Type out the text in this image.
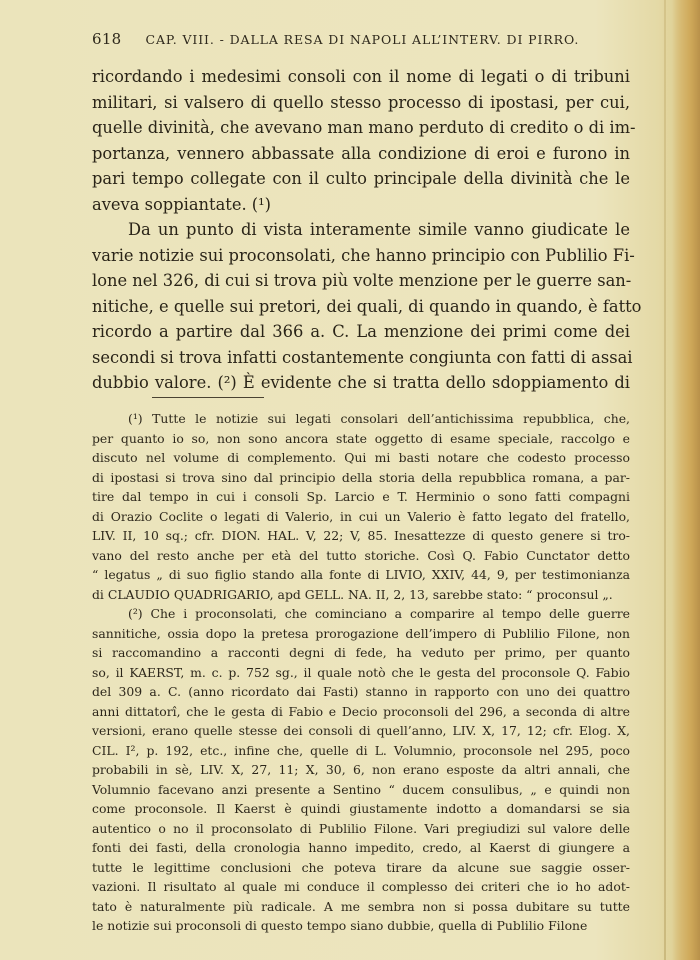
618 CAP. VIII. - DALLA RESA DI NAPOLI ALL’INTERV. DI PIRRO.
ricordando i medesimi consoli con il nome di legati o di tribuni
militari, si valsero di quello stesso processo di ipostasi, per cui,
quelle divinità, che avevano man mano perduto di credito o di im-
portanza, vennero abbassate alla condizione di eroi e furono in
pari tempo collegate con il culto principale della divinità che le
aveva soppiantate. (¹)
Da un punto di vista interamente simile vanno giudicate le
varie notizie sui proconsolati, che hanno principio con Publilio Fi-
lone nel 326, di cui si trova più volte menzione per le guerre san-
nitiche, e quelle sui pretori, dei quali, di quando in quando, è fatto
ricordo a partire dal 366 a. C. La menzione dei primi come dei
secondi si trova infatti costantemente congiunta con fatti di assai
dubbio valore. (²) È evidente che si tratta dello sdoppiamento di
(¹) Tutte le notizie sui legati consolari dell’antichissima repubblica, che,
per quanto io so, non sono ancora state oggetto di esame speciale, raccolgo e
discuto nel volume di complemento. Qui mi basti notare che codesto processo
di ipostasi si trova sino dal principio della storia della repubblica romana, a par-
tire dal tempo in cui i consoli Sp. Larcio e T. Herminio o sono fatti compagni
di Orazio Coclite o legati di Valerio, in cui un Valerio è fatto legato del fratello,
LIV. II, 10 sq.; cfr. DION. HAL. V, 22; V, 85. Inesattezze di questo genere si tro-
vano del resto anche per età del tutto storiche. Così Q. Fabio Cunctator detto
“ legatus „ di suo figlio stando alla fonte di LIVIO, XXIV, 44, 9, per testimonianza
di CLAUDIO QUADRIGARIO, apd GELL. NA. II, 2, 13, sarebbe stato: “ proconsul „.
(²) Che i proconsolati, che cominciano a comparire al tempo delle guerre
sannitiche, ossia dopo la pretesa prorogazione dell’impero di Publilio Filone, non
si raccomandino a racconti degni di fede, ha veduto per primo, per quanto
so, il KAERST, m. c. p. 752 sg., il quale notò che le gesta del proconsole Q. Fabio
del 309 a. C. (anno ricordato dai Fasti) stanno in rapporto con uno dei quattro
anni dittatorî, che le gesta di Fabio e Decio proconsoli del 296, a seconda di altre
versioni, erano quelle stesse dei consoli di quell’anno, LIV. X, 17, 12; cfr. Elog. X,
CIL. I², p. 192, etc., infine che, quelle di L. Volumnio, proconsole nel 295, poco
probabili in sè, LIV. X, 27, 11; X, 30, 6, non erano esposte da altri annali, che
Volumnio facevano anzi presente a Sentino “ ducem consulibus, „ e quindi non
come proconsole. Il Kaerst è quindi giustamente indotto a domandarsi se sia
autentico o no il proconsolato di Publilio Filone. Vari pregiudizi sul valore delle
fonti dei fasti, della cronologia hanno impedito, credo, al Kaerst di giungere a
tutte le legittime conclusioni che poteva tirare da alcune sue saggie osser-
vazioni. Il risultato al quale mi conduce il complesso dei criteri che io ho adot-
tato è naturalmente più radicale. A me sembra non si possa dubitare su tutte
le notizie sui proconsoli di questo tempo siano dubbie, quella di Publilio Filone
